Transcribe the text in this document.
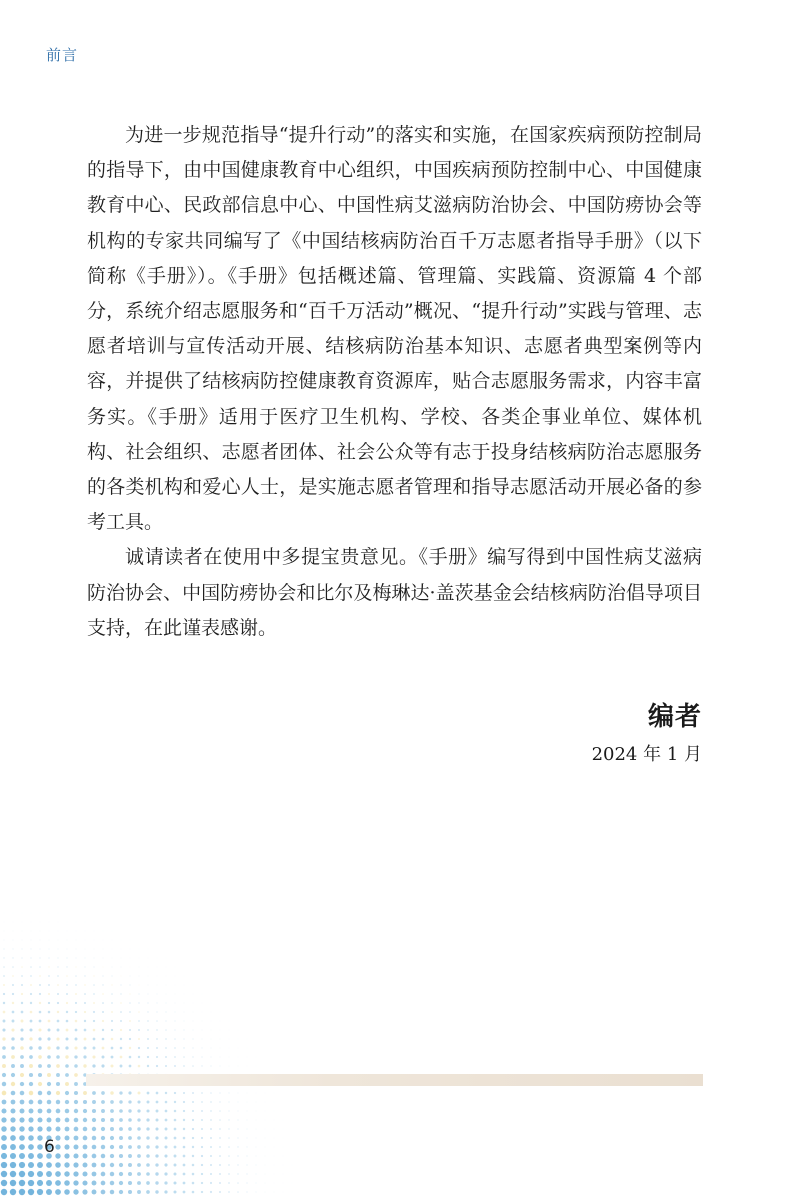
前言

为进一步规范指导“提升行动”的落实和实施，在国家疾病预防控制局的指导下，由中国健康教育中心组织，中国疾病预防控制中心、中国健康教育中心、民政部信息中心、中国性病艾滋病防治协会、中国防痨协会等机构的专家共同编写了《中国结核病防治百千万志愿者指导手册》（以下简称《手册》）。《手册》包括概述篇、管理篇、实践篇、资源篇 4 个部分，系统介绍志愿服务和“百千万活动”概况、“提升行动”实践与管理、志愿者培训与宣传活动开展、结核病防治基本知识、志愿者典型案例等内容，并提供了结核病防控健康教育资源库，贴合志愿服务需求，内容丰富务实。《手册》适用于医疗卫生机构、学校、各类企事业单位、媒体机构、社会组织、志愿者团体、社会公众等有志于投身结核病防治志愿服务的各类机构和爱心人士，是实施志愿者管理和指导志愿活动开展必备的参考工具。

诚请读者在使用中多提宝贵意见。《手册》编写得到中国性病艾滋病防治协会、中国防痨协会和比尔及梅琳达·盖茨基金会结核病防治倡导项目支持，在此谨表感谢。

编者
2024 年 1 月
6
